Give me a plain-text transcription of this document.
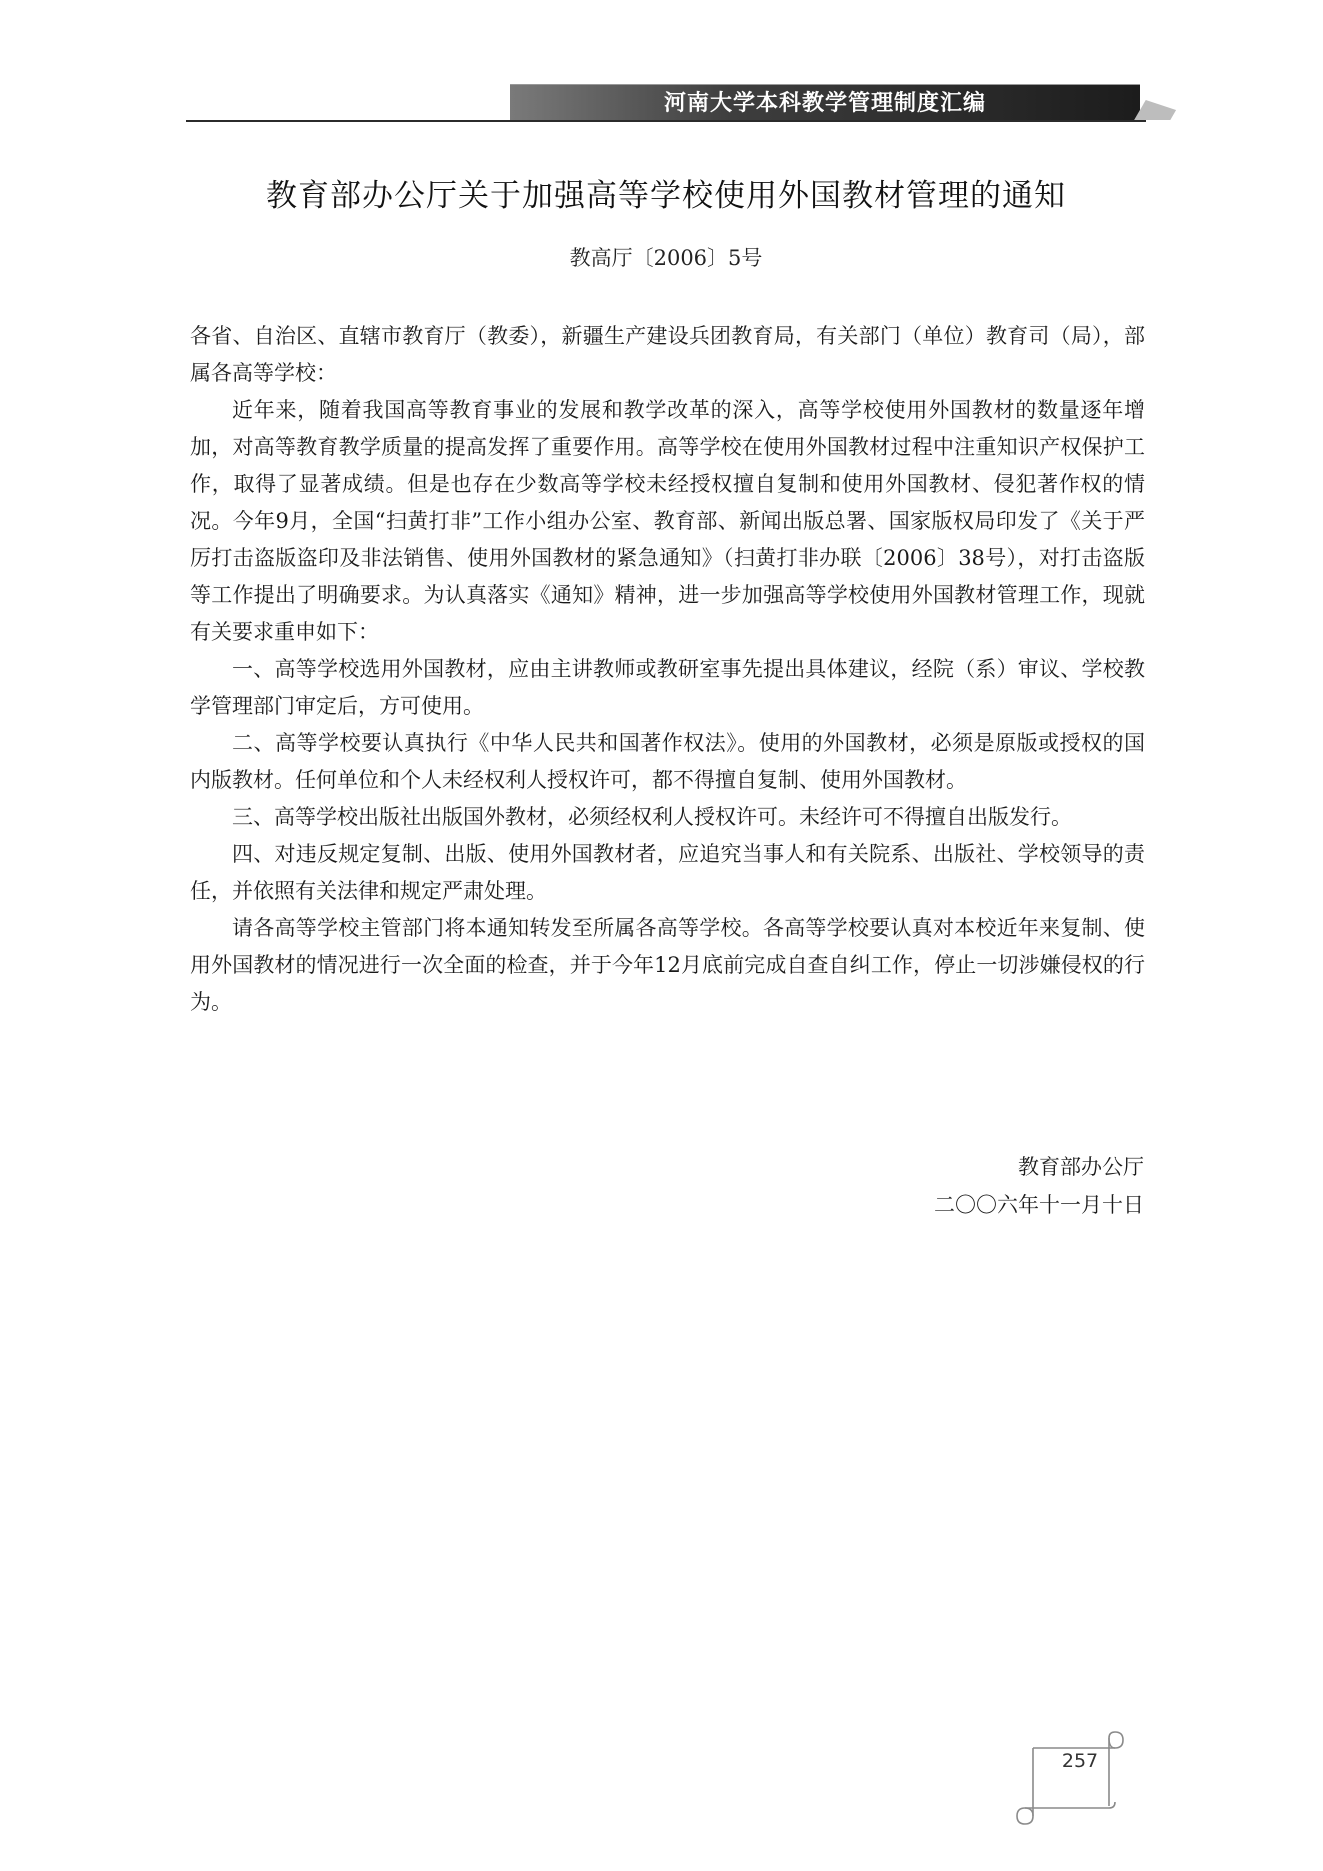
河南大学本科教学管理制度汇编
教育部办公厅关于加强高等学校使用外国教材管理的通知
教高厅〔2006〕5号

各省、自治区、直辖市教育厅（教委），新疆生产建设兵团教育局，有关部门（单位）教育司（局），部属各高等学校：

近年来，随着我国高等教育事业的发展和教学改革的深入，高等学校使用外国教材的数量逐年增加，对高等教育教学质量的提高发挥了重要作用。高等学校在使用外国教材过程中注重知识产权保护工作，取得了显著成绩。但是也存在少数高等学校未经授权擅自复制和使用外国教材、侵犯著作权的情况。今年9月，全国“扫黄打非”工作小组办公室、教育部、新闻出版总署、国家版权局印发了《关于严厉打击盗版盗印及非法销售、使用外国教材的紧急通知》（扫黄打非办联〔2006〕38号），对打击盗版等工作提出了明确要求。为认真落实《通知》精神，进一步加强高等学校使用外国教材管理工作，现就有关要求重申如下：

一、高等学校选用外国教材，应由主讲教师或教研室事先提出具体建议，经院（系）审议、学校教学管理部门审定后，方可使用。

二、高等学校要认真执行《中华人民共和国著作权法》。使用的外国教材，必须是原版或授权的国内版教材。任何单位和个人未经权利人授权许可，都不得擅自复制、使用外国教材。

三、高等学校出版社出版国外教材，必须经权利人授权许可。未经许可不得擅自出版发行。

四、对违反规定复制、出版、使用外国教材者，应追究当事人和有关院系、出版社、学校领导的责任，并依照有关法律和规定严肃处理。

请各高等学校主管部门将本通知转发至所属各高等学校。各高等学校要认真对本校近年来复制、使用外国教材的情况进行一次全面的检查，并于今年12月底前完成自查自纠工作，停止一切涉嫌侵权的行为。

教育部办公厅
二〇〇六年十一月十日
257
